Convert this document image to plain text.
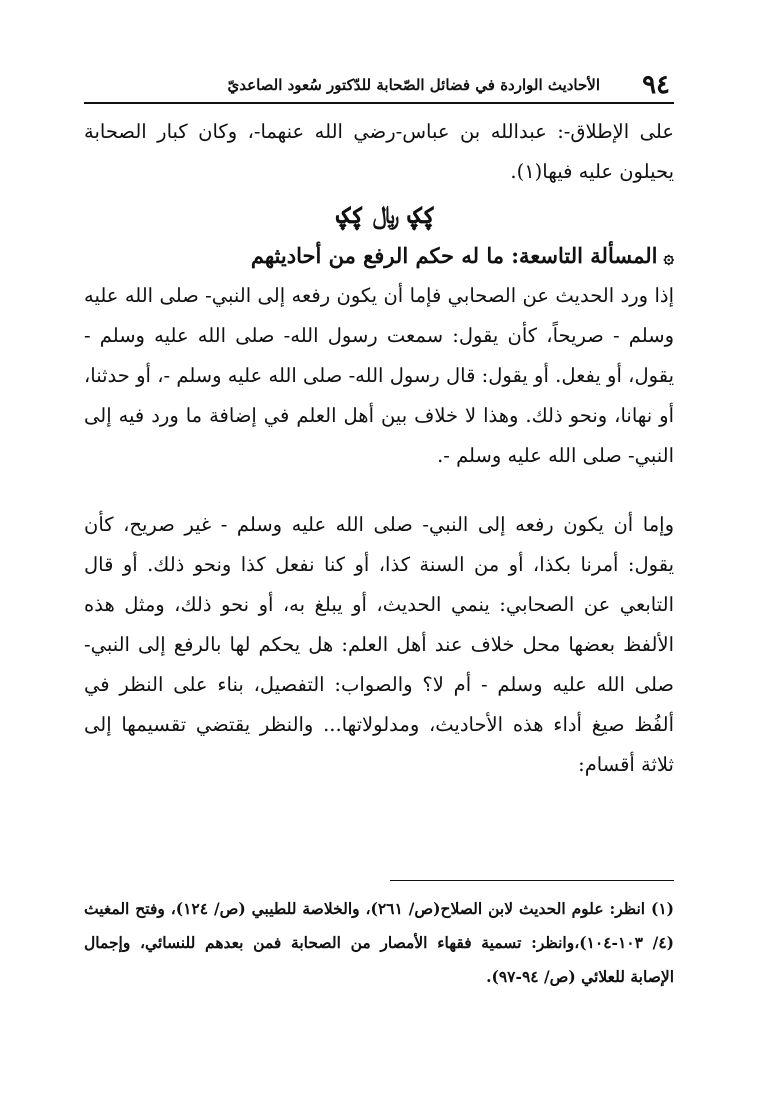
٩٤
الأحاديث الواردة في فضائل الصّحابة للدّكتور سُعود الصاعديّ
على الإطلاق-: عبدالله بن عباس-رضي الله عنهما-، وكان كبار الصحابة يحيلون عليه فيها(١).
ؼؼ ﷼ ؼؼ
۞المسألة التاسعة: ما له حكم الرفع من أحاديثهم
إذا ورد الحديث عن الصحابي فإما أن يكون رفعه إلى النبي- صلى الله عليه وسلم - صريحاً، كأن يقول: سمعت رسول الله- صلى الله عليه وسلم - يقول، أو يفعل. أو يقول: قال رسول الله- صلى الله عليه وسلم -، أو حدثنا، أو نهانا، ونحو ذلك. وهذا لا خلاف بين أهل العلم في إضافة ما ورد فيه إلى النبي- صلى الله عليه وسلم -.
وإما أن يكون رفعه إلى النبي- صلى الله عليه وسلم - غير صريح، كأن يقول: أمرنا بكذا، أو من السنة كذا، أو كنا نفعل كذا ونحو ذلك. أو قال التابعي عن الصحابي: ينمي الحديث، أو يبلغ به، أو نحو ذلك، ومثل هذه الألفظ بعضها محل خلاف عند أهل العلم: هل يحكم لها بالرفع إلى النبي- صلى الله عليه وسلم - أم لا؟ والصواب: التفصيل، بناء على النظر في ألفُظ صيغ أداء هذه الأحاديث، ومدلولاتها... والنظر يقتضي تقسيمها إلى ثلاثة أقسام:
(١) انظر: علوم الحديث لابن الصلاح(ص/ ٢٦١)، والخلاصة للطيبي (ص/ ١٢٤)، وفتح المغيث (٤/ ١٠٣-١٠٤)،وانظر: تسمية فقهاء الأمصار من الصحابة فمن بعدهم للنسائي، وإجمال الإصابة للعلائي (ص/ ٩٤-٩٧).
